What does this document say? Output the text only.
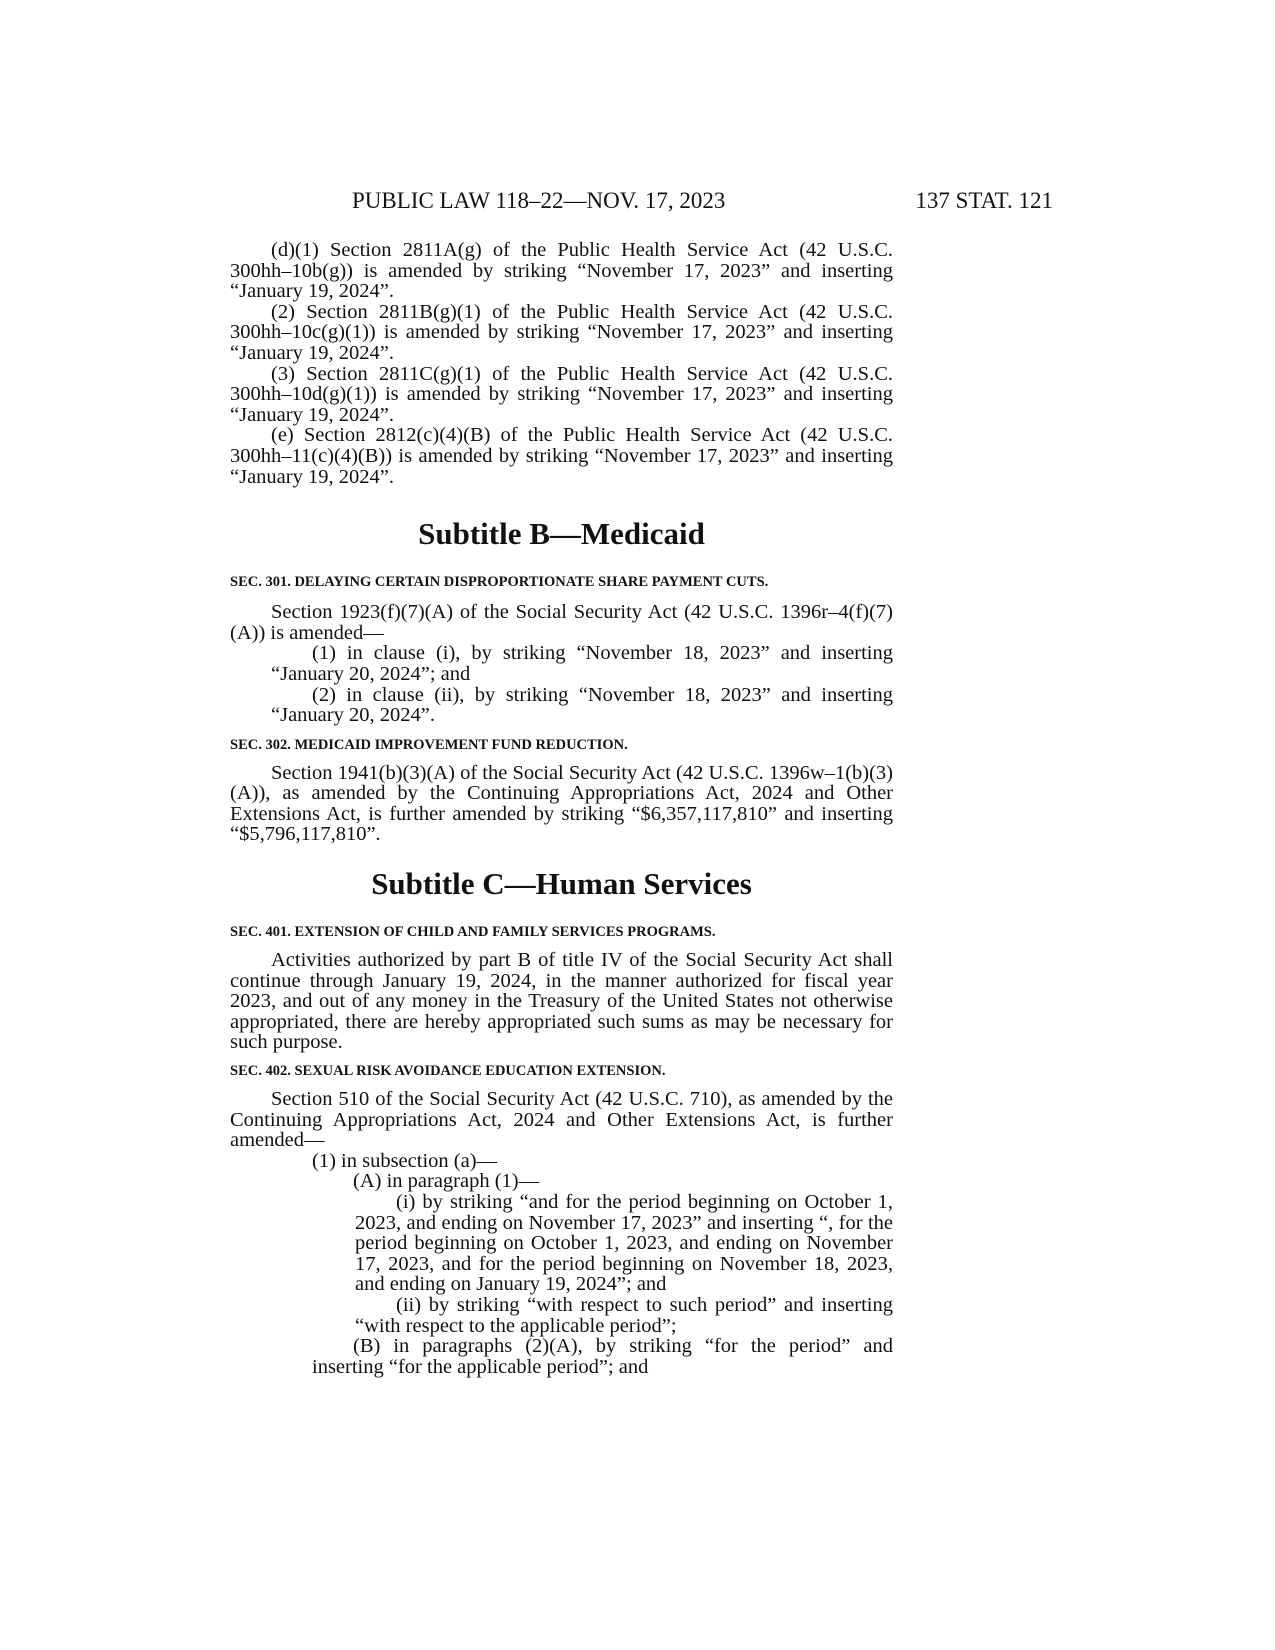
PUBLIC LAW 118–22—NOV. 17, 2023	137 STAT. 121

(d)(1) Section 2811A(g) of the Public Health Service Act (42 U.S.C. 300hh–10b(g)) is amended by striking “November 17, 2023” and inserting “January 19, 2024”.

(2) Section 2811B(g)(1) of the Public Health Service Act (42 U.S.C. 300hh–10c(g)(1)) is amended by striking “November 17, 2023” and inserting “January 19, 2024”.

(3) Section 2811C(g)(1) of the Public Health Service Act (42 U.S.C. 300hh–10d(g)(1)) is amended by striking “November 17, 2023” and inserting “January 19, 2024”.

(e) Section 2812(c)(4)(B) of the Public Health Service Act (42 U.S.C. 300hh–11(c)(4)(B)) is amended by striking “November 17, 2023” and inserting “January 19, 2024”.

Subtitle B—Medicaid

SEC. 301. DELAYING CERTAIN DISPROPORTIONATE SHARE PAYMENT CUTS.

Section 1923(f)(7)(A) of the Social Security Act (42 U.S.C. 1396r–4(f)(7)(A)) is amended—

(1) in clause (i), by striking “November 18, 2023” and inserting “January 20, 2024”; and

(2) in clause (ii), by striking “November 18, 2023” and inserting “January 20, 2024”.

SEC. 302. MEDICAID IMPROVEMENT FUND REDUCTION.

Section 1941(b)(3)(A) of the Social Security Act (42 U.S.C. 1396w–1(b)(3)(A)), as amended by the Continuing Appropriations Act, 2024 and Other Extensions Act, is further amended by striking “$6,357,117,810” and inserting “$5,796,117,810”.

Subtitle C—Human Services

SEC. 401. EXTENSION OF CHILD AND FAMILY SERVICES PROGRAMS.

Activities authorized by part B of title IV of the Social Security Act shall continue through January 19, 2024, in the manner authorized for fiscal year 2023, and out of any money in the Treasury of the United States not otherwise appropriated, there are hereby appropriated such sums as may be necessary for such purpose.

SEC. 402. SEXUAL RISK AVOIDANCE EDUCATION EXTENSION.

Section 510 of the Social Security Act (42 U.S.C. 710), as amended by the Continuing Appropriations Act, 2024 and Other Extensions Act, is further amended—

(1) in subsection (a)—

(A) in paragraph (1)—

(i) by striking “and for the period beginning on October 1, 2023, and ending on November 17, 2023” and inserting “, for the period beginning on October 1, 2023, and ending on November 17, 2023, and for the period beginning on November 18, 2023, and ending on January 19, 2024”; and

(ii) by striking “with respect to such period” and inserting “with respect to the applicable period”;

(B) in paragraphs (2)(A), by striking “for the period” and inserting “for the applicable period”; and
